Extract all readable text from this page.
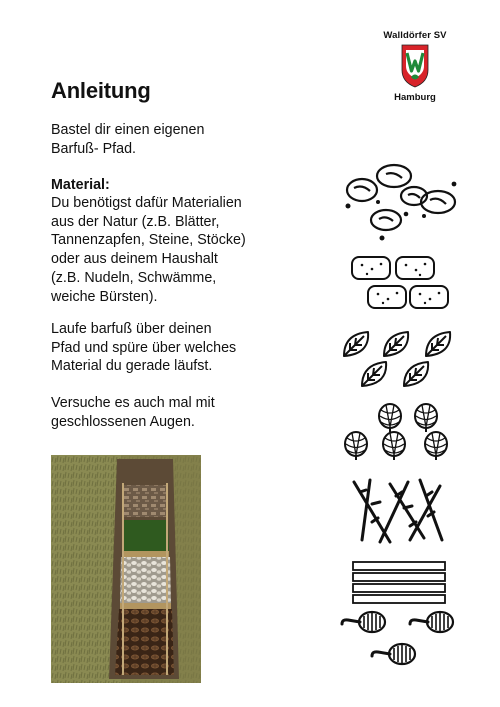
Walldörfer SV
Hamburg
Anleitung

Bastel dir einen eigenen
Barfuß- Pfad.

Material:

Du benötigst dafür Materialien
aus der Natur (z.B. Blätter,
Tannenzapfen, Steine, Stöcke)
oder aus deinem Haushalt
(z.B. Nudeln, Schwämme,
weiche Bürsten).

Laufe barfuß über deinen
Pfad und spüre über welches
Material du gerade läufst.

Versuche es auch mal mit
geschlossenen Augen.
